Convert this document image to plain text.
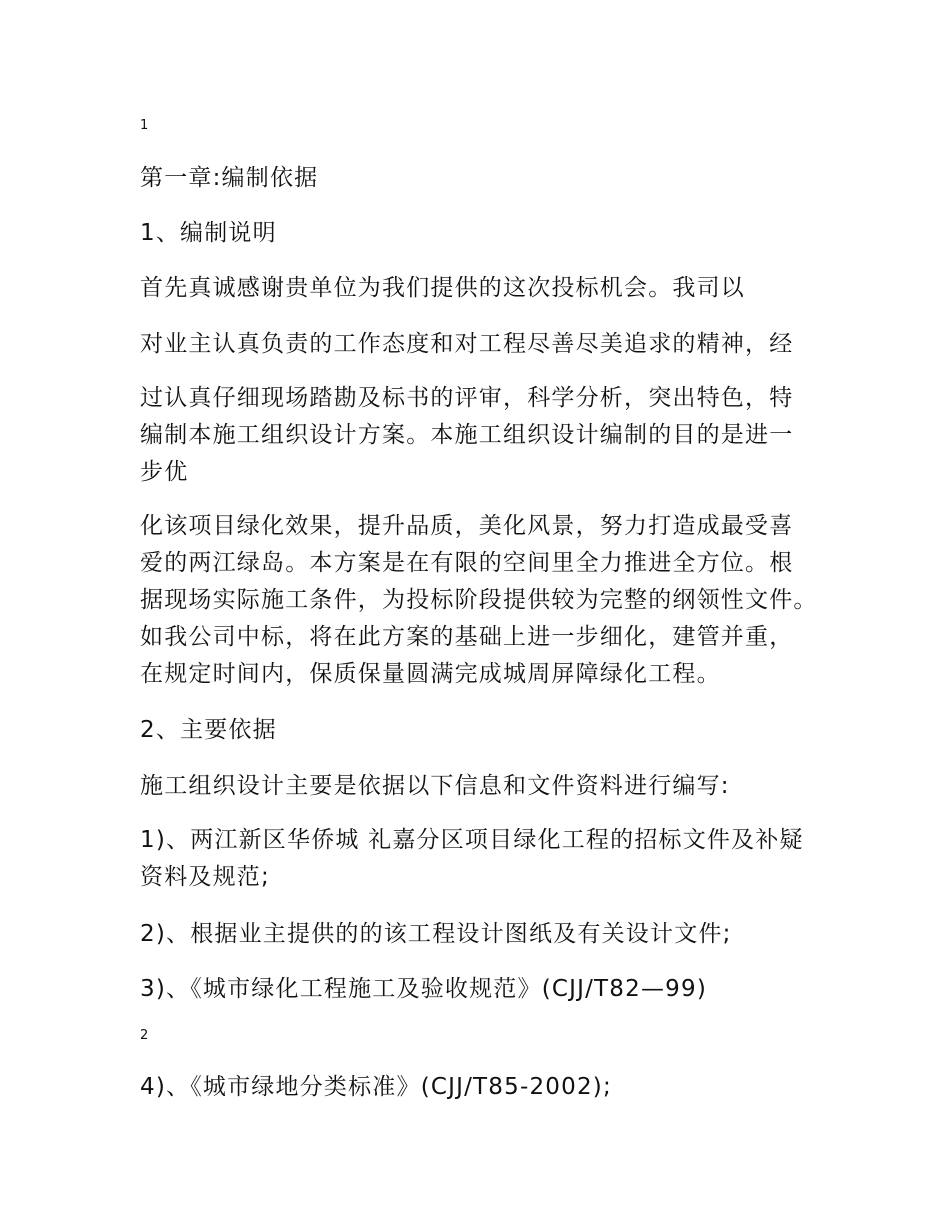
1
第一章:编制依据
1、编制说明
首先真诚感谢贵单位为我们提供的这次投标机会。我司以
对业主认真负责的工作态度和对工程尽善尽美追求的精神，经
过认真仔细现场踏勘及标书的评审，科学分析，突出特色，特
编制本施工组织设计方案。本施工组织设计编制的目的是进一
步优
化该项目绿化效果，提升品质，美化风景，努力打造成最受喜
爱的两江绿岛。本方案是在有限的空间里全力推进全方位。根
据现场实际施工条件，为投标阶段提供较为完整的纲领性文件。
如我公司中标，将在此方案的基础上进一步细化，建管并重，
在规定时间内，保质保量圆满完成城周屏障绿化工程。
2、主要依据
施工组织设计主要是依据以下信息和文件资料进行编写:
1)、两江新区华侨城 礼嘉分区项目绿化工程的招标文件及补疑
资料及规范;
2)、根据业主提供的的该工程设计图纸及有关设计文件;
3)、《城市绿化工程施工及验收规范》(CJJ/T82—99)
2
4)、《城市绿地分类标准》(CJJ/T85-2002);
